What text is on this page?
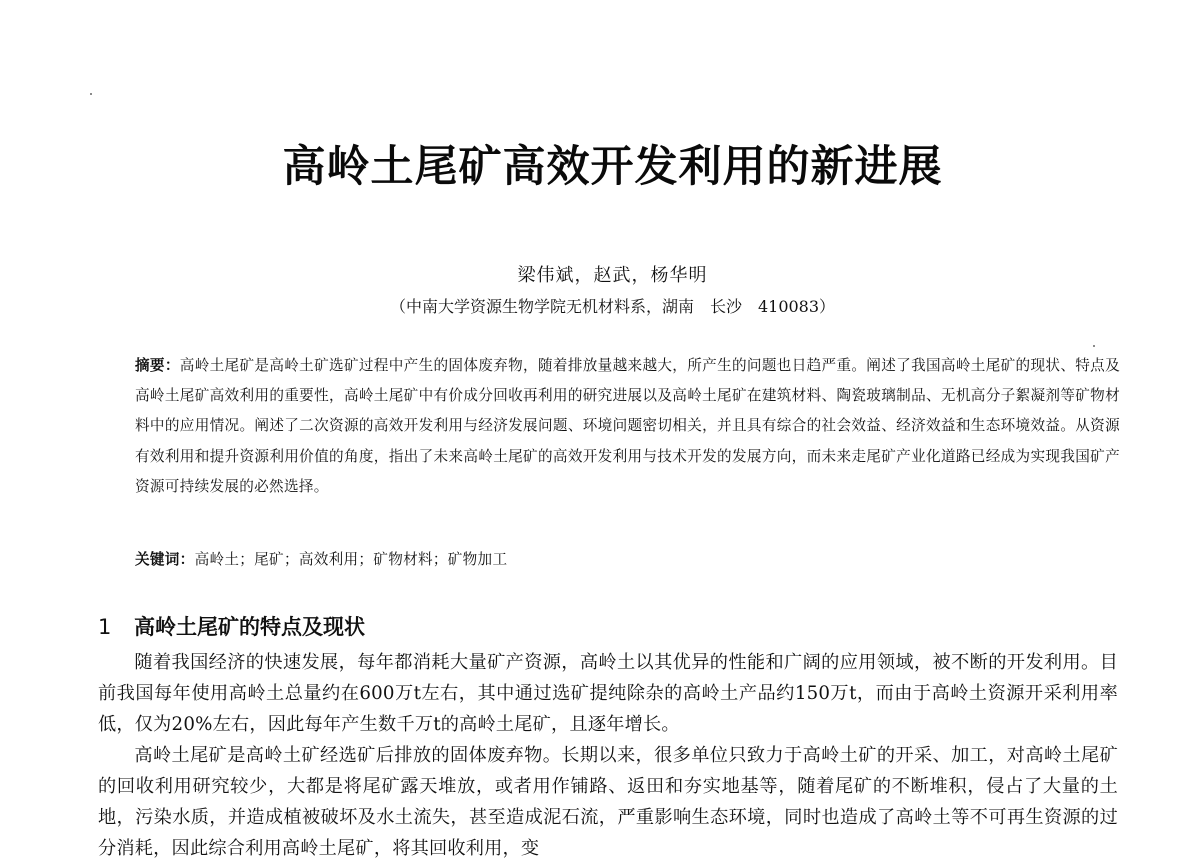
高岭土尾矿高效开发利用的新进展
梁伟斌，赵武，杨华明
（中南大学资源生物学院无机材料系，湖南　长沙　410083）
摘要：高岭土尾矿是高岭土矿选矿过程中产生的固体废弃物，随着排放量越来越大，所产生的问题也日趋严重。阐述了我国高岭土尾矿的现状、特点及高岭土尾矿高效利用的重要性，高岭土尾矿中有价成分回收再利用的研究进展以及高岭土尾矿在建筑材料、陶瓷玻璃制品、无机高分子絮凝剂等矿物材料中的应用情况。阐述了二次资源的高效开发利用与经济发展问题、环境问题密切相关，并且具有综合的社会效益、经济效益和生态环境效益。从资源有效利用和提升资源利用价值的角度，指出了未来高岭土尾矿的高效开发利用与技术开发的发展方向，而未来走尾矿产业化道路已经成为实现我国矿产资源可持续发展的必然选择。
关键词：高岭土；尾矿；高效利用；矿物材料；矿物加工
1 高岭土尾矿的特点及现状

随着我国经济的快速发展，每年都消耗大量矿产资源，高岭土以其优异的性能和广阔的应用领域，被不断的开发利用。目前我国每年使用高岭土总量约在600万t左右，其中通过选矿提纯除杂的高岭土产品约150万t，而由于高岭土资源开采利用率低，仅为20%左右，因此每年产生数千万t的高岭土尾矿，且逐年增长。

高岭土尾矿是高岭土矿经选矿后排放的固体废弃物。长期以来，很多单位只致力于高岭土矿的开采、加工，对高岭土尾矿的回收利用研究较少，大都是将尾矿露天堆放，或者用作铺路、返田和夯实地基等，随着尾矿的不断堆积，侵占了大量的土地，污染水质，并造成植被破坏及水土流失，甚至造成泥石流，严重影响生态环境，同时也造成了高岭土等不可再生资源的过分消耗，因此综合利用高岭土尾矿，将其回收利用，变
